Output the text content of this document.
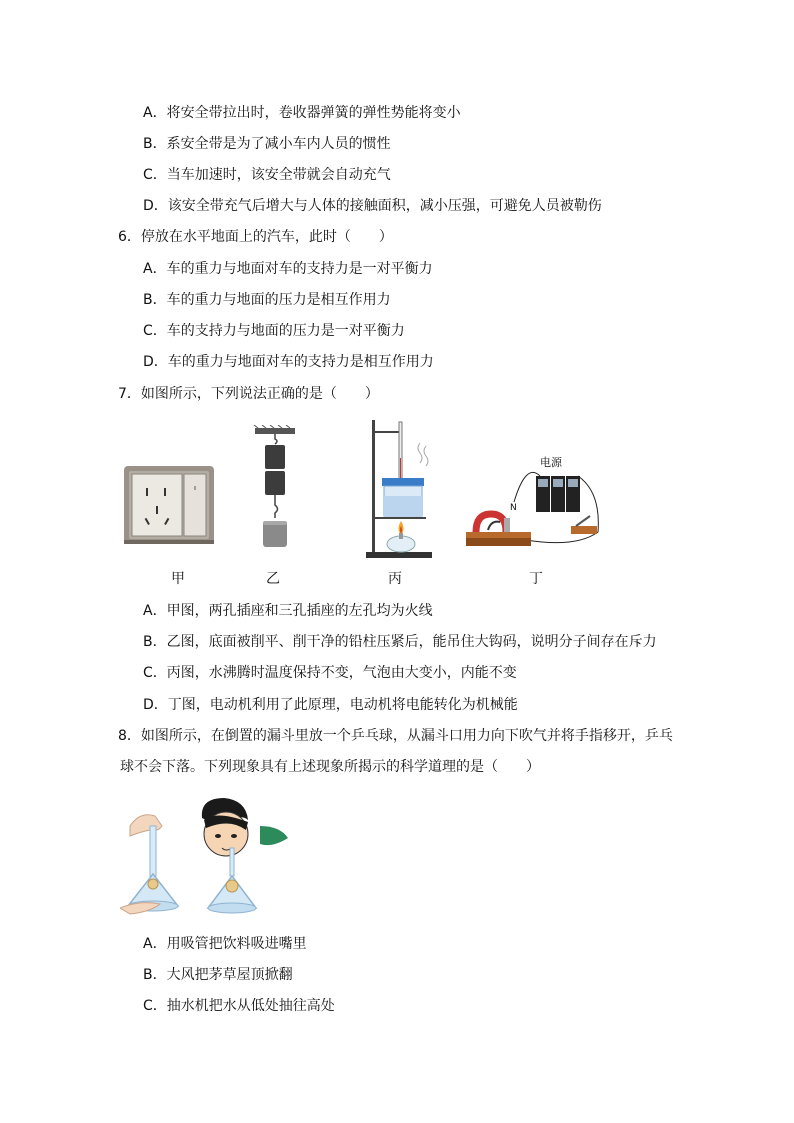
A．将安全带拉出时，卷收器弹簧的弹性势能将变小
B．系安全带是为了减小车内人员的惯性
C．当车加速时，该安全带就会自动充气
D．该安全带充气后增大与人体的接触面积，减小压强，可避免人员被勒伤
6．停放在水平地面上的汽车，此时（　　）
A．车的重力与地面对车的支持力是一对平衡力
B．车的重力与地面的压力是相互作用力
C．车的支持力与地面的压力是一对平衡力
D．车的重力与地面对车的支持力是相互作用力
7．如图所示，下列说法正确的是（　　）
甲	乙	丙
电源
N
丁
A．甲图，两孔插座和三孔插座的左孔均为火线
B．乙图，底面被削平、削干净的铅柱压紧后，能吊住大钩码，说明分子间存在斥力
C．丙图，水沸腾时温度保持不变，气泡由大变小，内能不变
D．丁图，电动机利用了此原理，电动机将电能转化为机械能
8．如图所示，在倒置的漏斗里放一个乒乓球，从漏斗口用力向下吹气并将手指移开，乒乓
球不会下落。下列现象具有上述现象所揭示的科学道理的是（　　）
A．用吸管把饮料吸进嘴里
B．大风把茅草屋顶掀翻
C．抽水机把水从低处抽往高处
